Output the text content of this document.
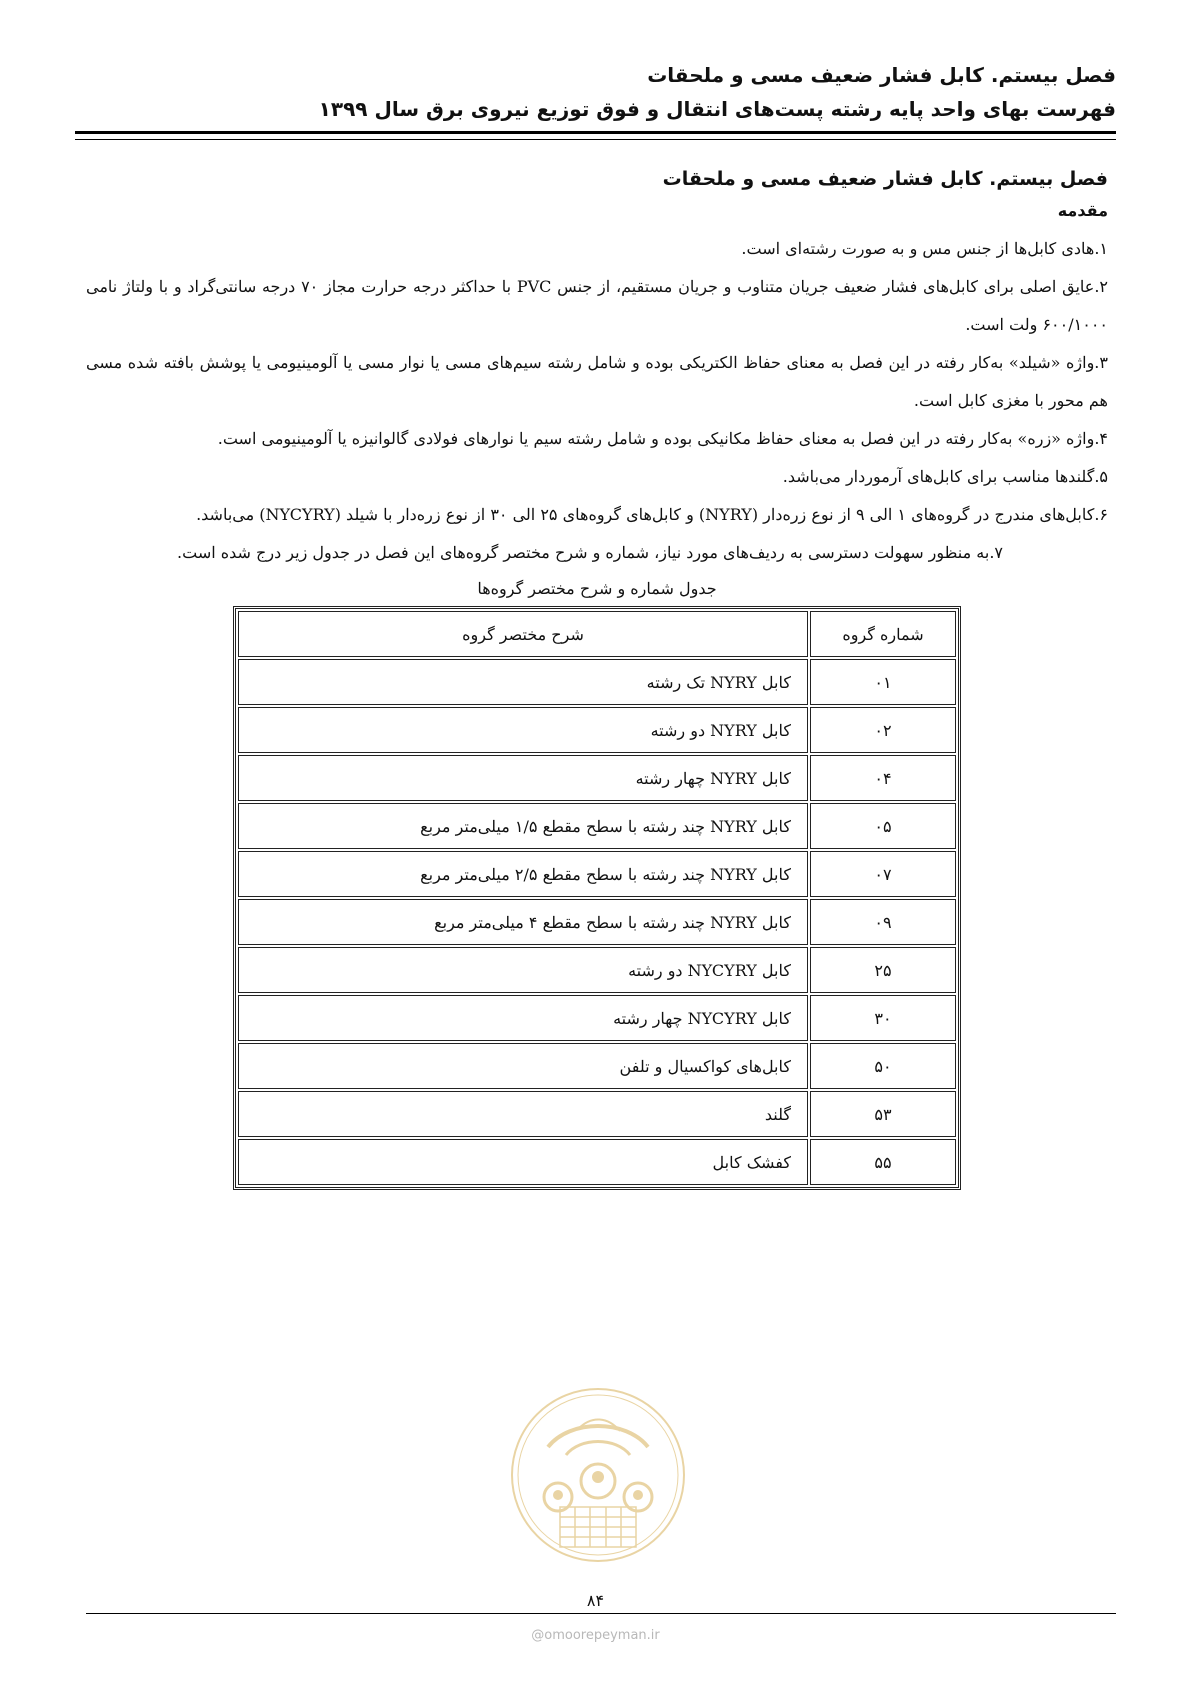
فصل بیستم. کابل فشار ضعیف مسی و ملحقات
فهرست بهای واحد پایه رشته پست‌های انتقال و فوق توزیع نیروی برق سال ۱۳۹۹
فصل بیستم. کابل فشار ضعیف مسی و ملحقات
مقدمه

۱.هادی کابل‌ها از جنس مس و به صورت رشته‌ای است.

۲.عایق اصلی برای کابل‌های فشار ضعیف جریان متناوب و جریان مستقیم، از جنس PVC با حداکثر درجه حرارت مجاز ۷۰ درجه سانتی‌گراد و با ولتاژ نامی ۶۰۰/۱۰۰۰ ولت است.

۳.واژه «شیلد» به‌کار رفته در این فصل به معنای حفاظ الکتریکی بوده و شامل رشته سیم‌های مسی یا نوار مسی یا آلومینیومی یا پوشش بافته شده مسی هم محور با مغزی کابل است.

۴.واژه «زره» به‌کار رفته در این فصل به معنای حفاظ مکانیکی بوده و شامل رشته سیم یا نوارهای فولادی گالوانیزه یا آلومینیومی است.

۵.گلندها مناسب برای کابل‌های آرموردار می‌باشد.

۶.کابل‌های مندرج در گروه‌های ۱ الی ۹ از نوع زره‌دار (NYRY) و کابل‌های گروه‌های ۲۵ الی ۳۰ از نوع زره‌دار با شیلد (NYCYRY) می‌باشد.

۷.به منظور سهولت دسترسی به ردیف‌های مورد نیاز، شماره و شرح مختصر گروه‌های این فصل در جدول زیر درج شده است.

جدول شماره و شرح مختصر گروه‌ها
شماره گروه	شرح مختصر گروه
۰۱	کابل NYRY تک رشته
۰۲	کابل NYRY دو رشته
۰۴	کابل NYRY چهار رشته
۰۵	کابل NYRY چند رشته با سطح مقطع ۱/۵ میلی‌متر مربع
۰۷	کابل NYRY چند رشته با سطح مقطع ۲/۵ میلی‌متر مربع
۰۹	کابل NYRY چند رشته با سطح مقطع ۴ میلی‌متر مربع
۲۵	کابل NYCYRY دو رشته
۳۰	کابل NYCYRY چهار رشته
۵۰	کابل‌های کواکسیال و تلفن
۵۳	گلند
۵۵	کفشک کابل
۸۴
@omoorepeyman.ir
